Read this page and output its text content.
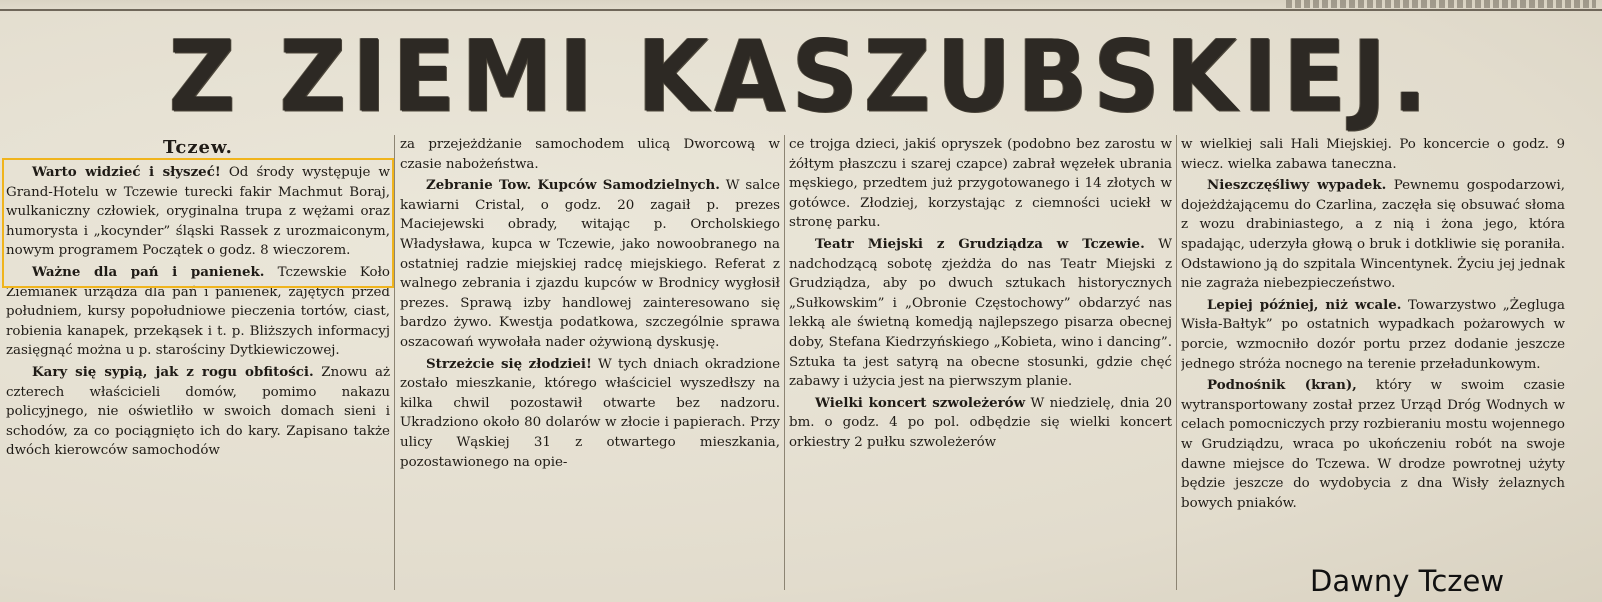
Z ZIEMI KASZUBSKIEJ.

Tczew.

Warto widzieć i słyszeć! Od środy występuje w Grand-Hotelu w Tczewie turecki fakir Machmut Boraj, wulkaniczny człowiek, oryginalna trupa z wężami oraz humorysta i „kocynder” śląski Rassek z urozmaiconym, nowym programem Początek o godz. 8 wieczorem.

Ważne dla pań i panienek. Tczewskie Koło Ziemianek urządza dla pań i panienek, zajętych przed południem, kursy popołudniowe pieczenia tortów, ciast, robienia kanapek, przekąsek i t. p. Bliższych informacyj zasięgnąć można u p. starościny Dytkiewiczowej.

Kary się sypią, jak z rogu obfitości. Znowu aż czterech właścicieli domów, pomimo nakazu policyjnego, nie oświetliło w swoich domach sieni i schodów, za co pociągnięto ich do kary. Zapisano także dwóch kierowców samochodów

za przejeżdżanie samochodem ulicą Dworcową w czasie nabożeństwa.

Zebranie Tow. Kupców Samodzielnych. W salce kawiarni Cristal, o godz. 20 zagaił p. prezes Maciejewski obrady, witając p. Orcholskiego Władysława, kupca w Tczewie, jako nowoobranego na ostatniej radzie miejskiej radcę miejskiego. Referat z walnego zebrania i zjazdu kupców w Brodnicy wygłosił prezes. Sprawą izby handlowej zainteresowano się bardzo żywo. Kwestja podatkowa, szczególnie sprawa oszacowań wywołała nader ożywioną dyskusję.

Strzeżcie się złodziei! W tych dniach okradzione zostało mieszkanie, którego właściciel wyszedłszy na kilka chwil pozostawił otwarte bez nadzoru. Ukradziono około 80 dolarów w złocie i papierach. Przy ulicy Wąskiej 31 z otwartego mieszkania, pozostawionego na opie-

ce trojga dzieci, jakiś opryszek (podobno bez zarostu w żółtym płaszczu i szarej czapce) zabrał węzełek ubrania męskiego, przedtem już przygotowanego i 14 złotych w gotówce. Złodziej, korzystając z ciemności uciekł w stronę parku.

Teatr Miejski z Grudziądza w Tczewie. W nadchodzącą sobotę zjeżdża do nas Teatr Miejski z Grudziądza, aby po dwuch sztukach historycznych „Sułkowskim” i „Obronie Częstochowy” obdarzyć nas lekką ale świetną komedją najlepszego pisarza obecnej doby, Stefana Kiedrzyńskiego „Kobieta, wino i dancing”. Sztuka ta jest satyrą na obecne stosunki, gdzie chęć zabawy i użycia jest na pierwszym planie.

Wielki koncert szwoleżerów W niedzielę, dnia 20 bm. o godz. 4 po pol. odbędzie się wielki koncert orkiestry 2 pułku szwoleżerów

w wielkiej sali Hali Miejskiej. Po koncercie o godz. 9 wiecz. wielka zabawa taneczna.

Nieszczęśliwy wypadek. Pewnemu gospodarzowi, dojeżdżającemu do Czarlina, zaczęła się obsuwać słoma z wozu drabiniastego, a z nią i żona jego, która spadając, uderzyła głową o bruk i dotkliwie się poraniła. Odstawiono ją do szpitala Wincentynek. Życiu jej jednak nie zagraża niebezpieczeństwo.

Lepiej później, niż wcale. Towarzystwo „Żegluga Wisła-Bałtyk” po ostatnich wypadkach pożarowych w porcie, wzmocniło dozór portu przez dodanie jeszcze jednego stróża nocnego na terenie przeładunkowym.

Podnośnik (kran), który w swoim czasie wytransportowany został przez Urząd Dróg Wodnych w celach pomocniczych przy rozbieraniu mostu wojennego w Grudziądzu, wraca po ukończeniu robót na swoje dawne miejsce do Tczewa. W drodze powrotnej użyty będzie jeszcze do wydobycia z dna Wisły żelaznych bowych pniaków.

Dawny Tczew
